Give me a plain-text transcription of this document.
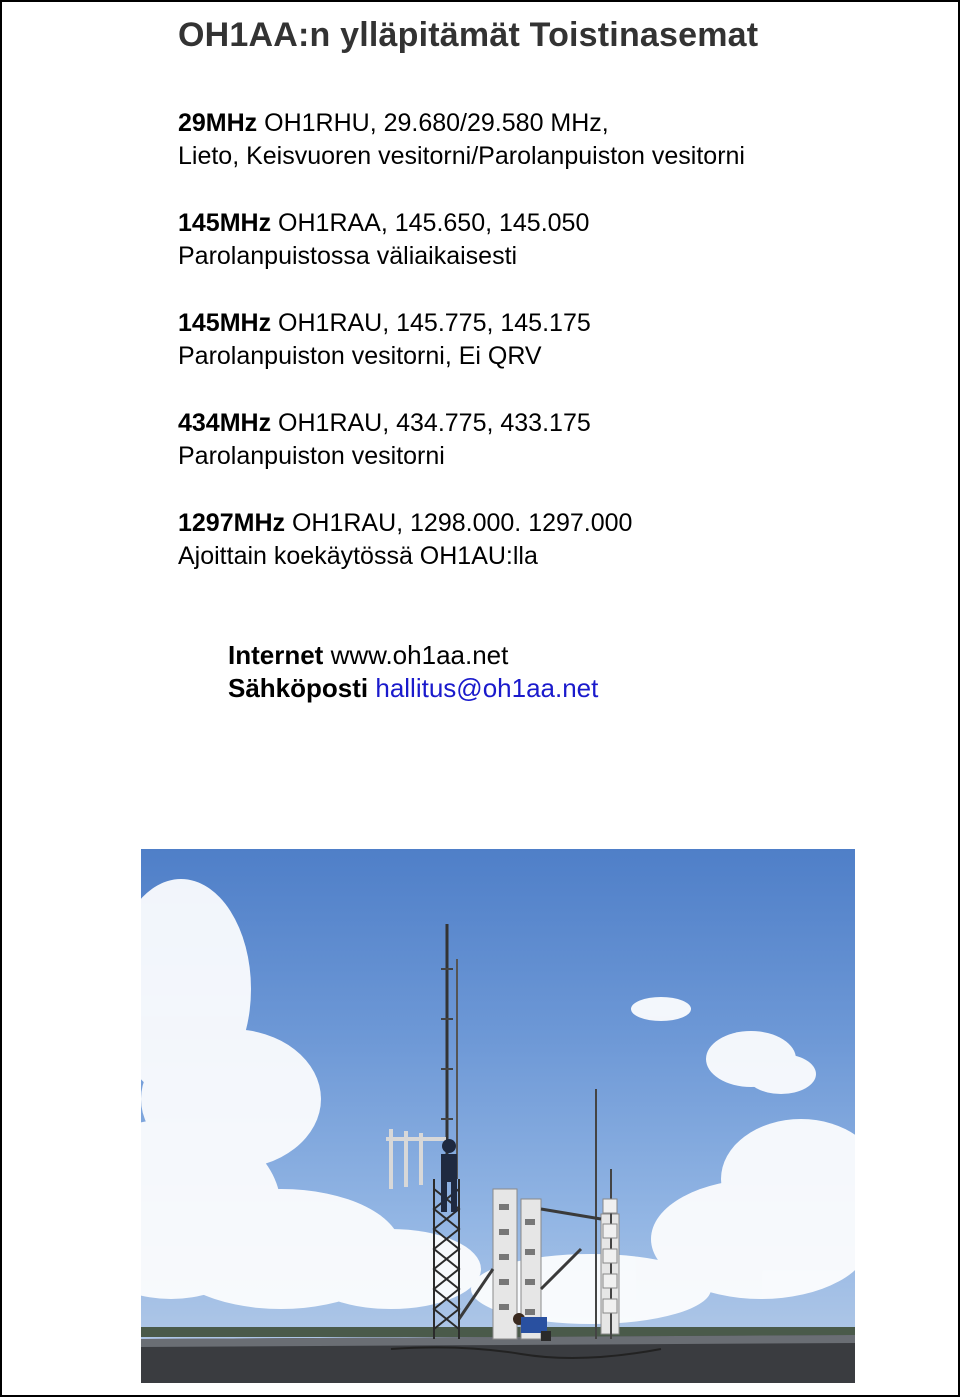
OH1AA:n ylläpitämät Toistinasemat
29MHz OH1RHU, 29.680/29.580 MHz,
Lieto, Keisvuoren vesitorni/Parolanpuiston vesitorni
145MHz OH1RAA, 145.650, 145.050
Parolanpuistossa väliaikaisesti
145MHz OH1RAU, 145.775, 145.175
Parolanpuiston vesitorni, Ei QRV
434MHz OH1RAU, 434.775, 433.175
Parolanpuiston vesitorni
1297MHz OH1RAU, 1298.000. 1297.000
Ajoittain koekäytössä OH1AU:lla
Internet www.oh1aa.net
Sähköposti hallitus@oh1aa.net
